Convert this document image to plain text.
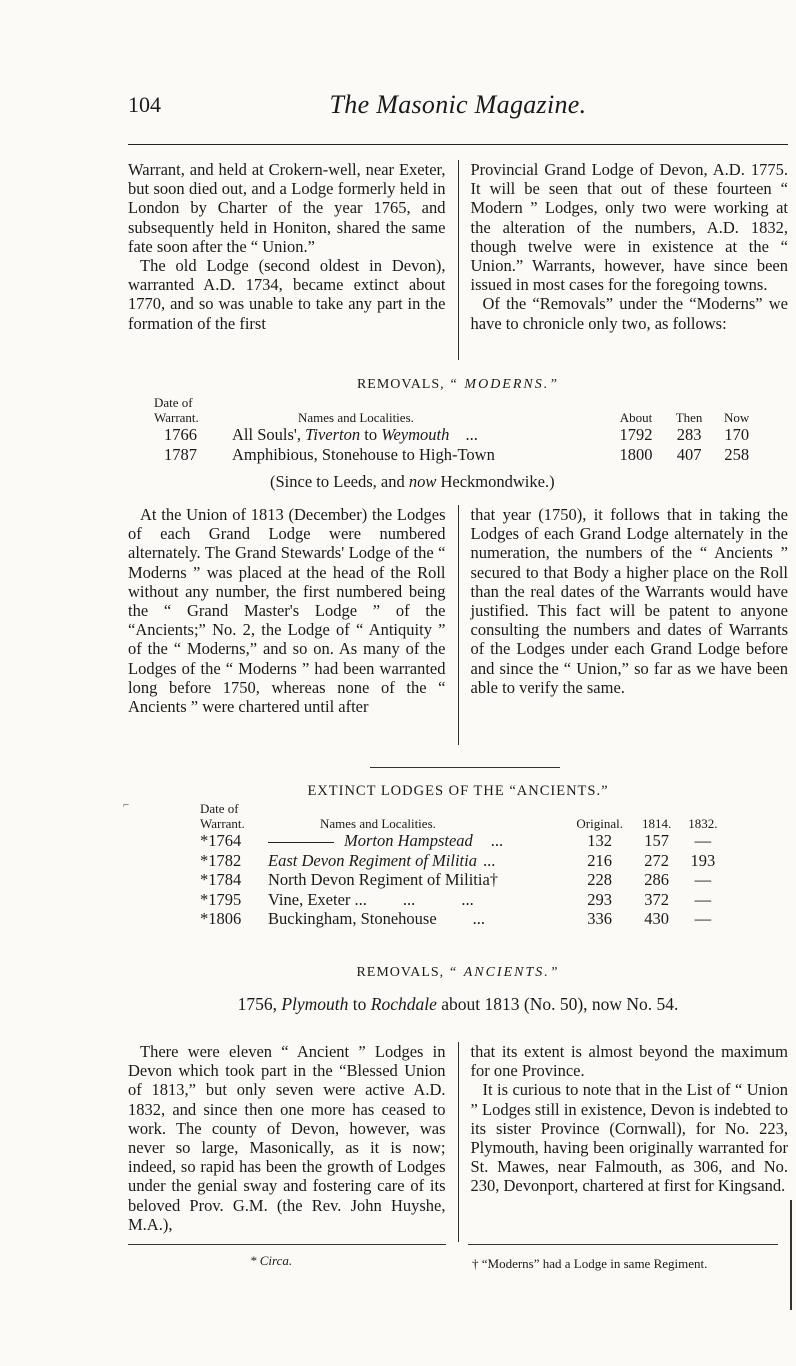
104	The Masonic Magazine.

Warrant, and held at Crokern-well, near Exeter, but soon died out, and a Lodge formerly held in London by Charter of the year 1765, and subsequently held in Honiton, shared the same fate soon after the “ Union.”

The old Lodge (second oldest in Devon), warranted A.D. 1734, became extinct about 1770, and so was unable to take any part in the formation of the first

Provincial Grand Lodge of Devon, A.D. 1775. It will be seen that out of these fourteen “ Modern ” Lodges, only two were working at the alteration of the numbers, A.D. 1832, though twelve were in existence at the “ Union.” Warrants, however, have since been issued in most cases for the foregoing towns.

Of the “Removals” under the “Moderns” we have to chronicle only two, as follows:

REMOVALS, “ MODERNS.”
Date of Warrant.	Names and Localities.	About	Then	Now
1766	All Souls', Tiverton to Weymouth ...	1792	283	170
1787	Amphibious, Stonehouse to High-Town	1800	407	258
(Since to Leeds, and now Heckmondwike.)

At the Union of 1813 (December) the Lodges of each Grand Lodge were numbered alternately. The Grand Stewards' Lodge of the “ Moderns ” was placed at the head of the Roll without any number, the first numbered being the “ Grand Master's Lodge ” of the “Ancients;” No. 2, the Lodge of “ Antiquity ” of the “ Moderns,” and so on. As many of the Lodges of the “ Moderns ” had been warranted long before 1750, whereas none of the “ Ancients ” were chartered until after

that year (1750), it follows that in taking the Lodges of each Grand Lodge alternately in the numeration, the numbers of the “ Ancients ” secured to that Body a higher place on the Roll than the real dates of the Warrants would have justified. This fact will be patent to anyone consulting the numbers and dates of Warrants of the Lodges under each Grand Lodge before and since the “ Union,” so far as we have been able to verify the same.

EXTINCT LODGES OF THE “ANCIENTS.”
⌐	Date of Warrant.	Names and Localities.	Original.	1814.	1832.
*1764	Morton Hampstead ...	132	157	—
*1782	East Devon Regiment of Militia ...	216	272	193
*1784	North Devon Regiment of Militia†	228	286	—
*1795	Vine, Exeter ... ... ...	293	372	—
*1806	Buckingham, Stonehouse ...	336	430	—
REMOVALS, “ ANCIENTS.”
1756, Plymouth to Rochdale about 1813 (No. 50), now No. 54.

There were eleven “ Ancient ” Lodges in Devon which took part in the “Blessed Union of 1813,” but only seven were active A.D. 1832, and since then one more has ceased to work. The county of Devon, however, was never so large, Masonically, as it is now; indeed, so rapid has been the growth of Lodges under the genial sway and fostering care of its beloved Prov. G.M. (the Rev. John Huyshe, M.A.),

that its extent is almost beyond the maximum for one Province.

It is curious to note that in the List of “ Union ” Lodges still in existence, Devon is indebted to its sister Province (Cornwall), for No. 223, Plymouth, having been originally warranted for St. Mawes, near Falmouth, as 306, and No. 230, Devonport, chartered at first for Kingsand.

* Circa.	† “Moderns” had a Lodge in same Regiment.
